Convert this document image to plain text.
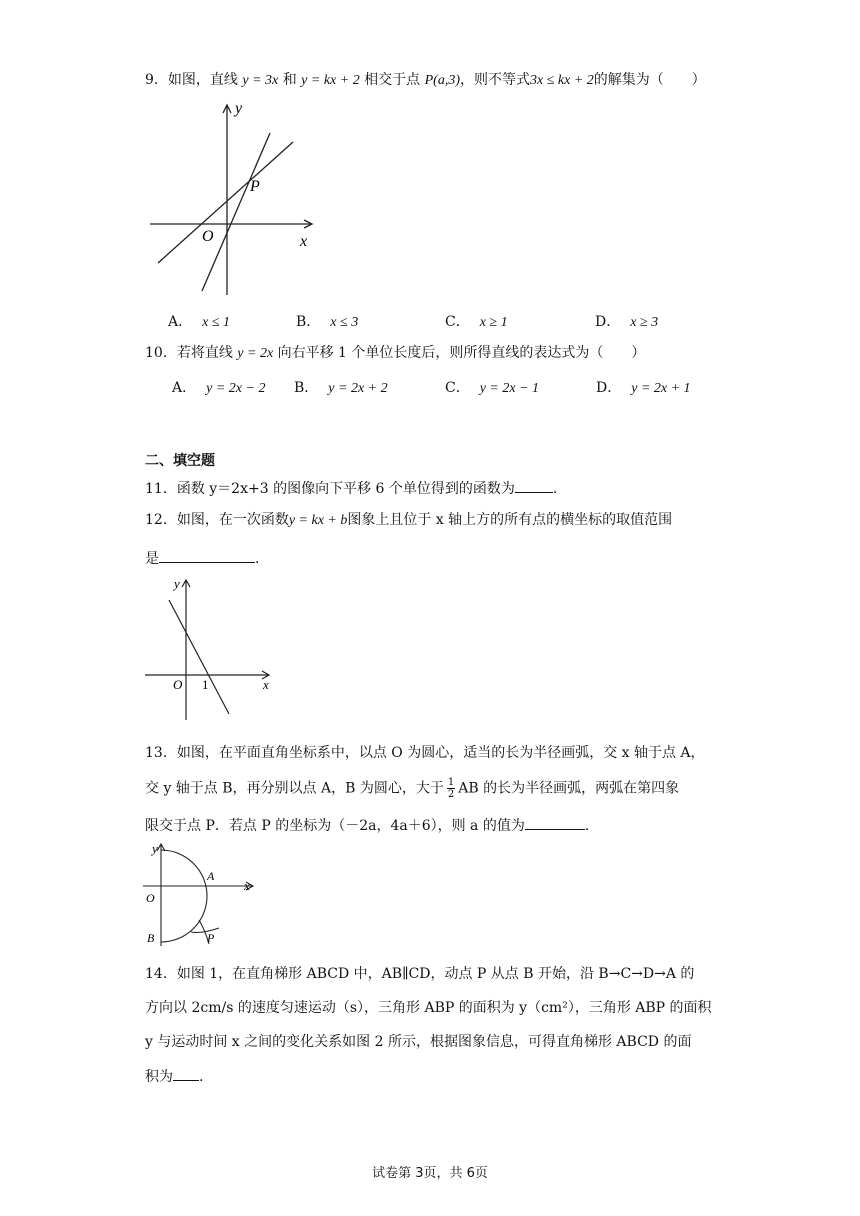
9．如图，直线 y = 3x 和 y = kx + 2 相交于点 P(a,3)，则不等式3x ≤ kx + 2的解集为（　　）
y
x
O
P
A． x ≤ 1	B． x ≤ 3	C． x ≥ 1	D． x ≥ 3
10．若将直线 y = 2x 向右平移 1 个单位长度后，则所得直线的表达式为（　　）
A． y = 2x − 2 B． y = 2x + 2	C． y = 2x − 1	D． y = 2x + 1
二、填空题
11．函数 y＝2x+3 的图像向下平移 6 个单位得到的函数为	.
12．如图，在一次函数y = kx + b图象上且位于 x 轴上方的所有点的横坐标的取值范围
是	.
y
x
O 1
13．如图，在平面直角坐标系中，以点 O 为圆心，适当的长为半径画弧，交 x 轴于点 A，
交 y 轴于点 B，再分别以点 A，B 为圆心，大于 $\frac{1}{2}$ AB 的长为半径画弧，两弧在第四象
限交于点 P．若点 P 的坐标为（－2a，4a＋6），则 a 的值为	.
y
x
O
A
B	P
14．如图 1，在直角梯形 ABCD 中，AB∥CD，动点 P 从点 B 开始，沿 B→C→D→A 的
方向以 2cm/s 的速度匀速运动（s），三角形 ABP 的面积为 y（cm²），三角形 ABP 的面积
y 与运动时间 x 之间的变化关系如图 2 所示，根据图象信息，可得直角梯形 ABCD 的面
积为 .
试卷第 3页，共 6页
